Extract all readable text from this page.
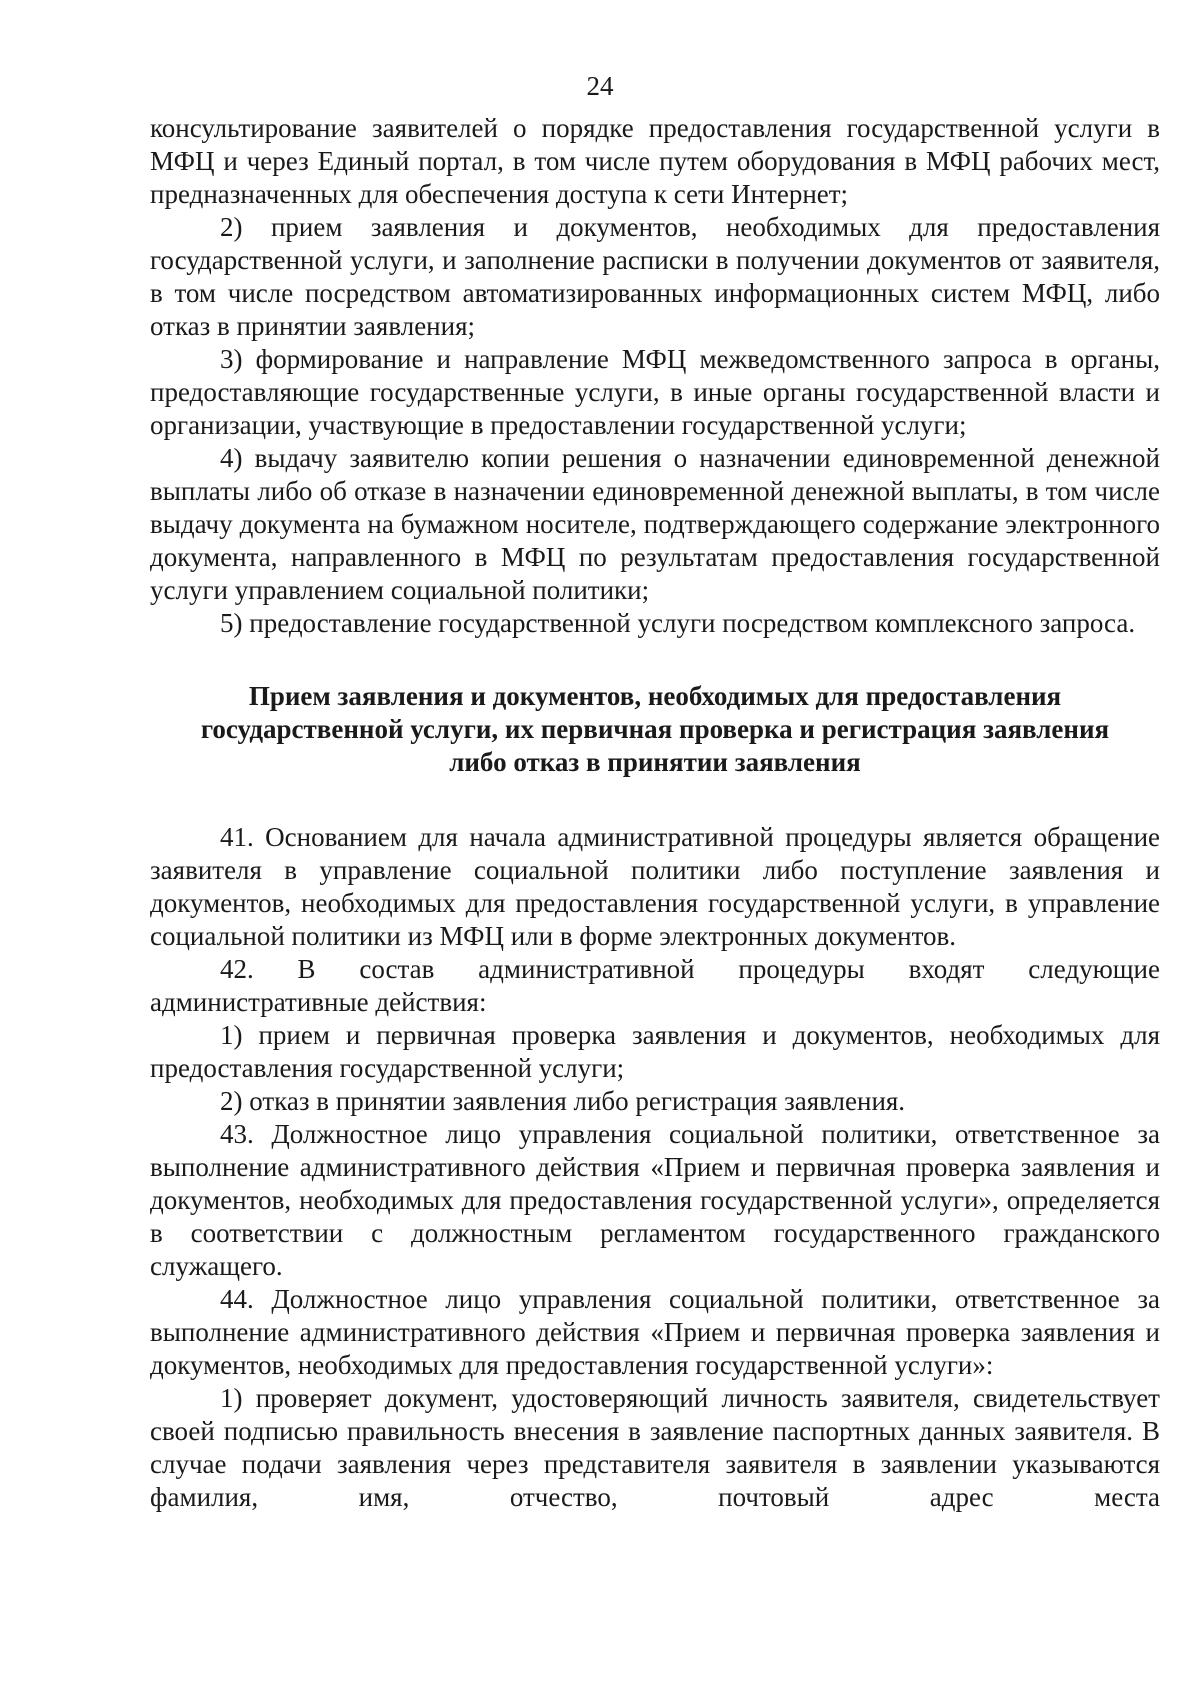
24

консультирование заявителей о порядке предоставления государственной услуги в МФЦ и через Единый портал, в том числе путем оборудования в МФЦ рабочих мест, предназначенных для обеспечения доступа к сети Интернет;

2) прием заявления и документов, необходимых для предоставления государственной услуги, и заполнение расписки в получении документов от заявителя, в том числе посредством автоматизированных информационных систем МФЦ, либо отказ в принятии заявления;

3) формирование и направление МФЦ межведомственного запроса в органы, предоставляющие государственные услуги, в иные органы государственной власти и организации, участвующие в предоставлении государственной услуги;

4) выдачу заявителю копии решения о назначении единовременной денежной выплаты либо об отказе в назначении единовременной денежной выплаты, в том числе выдачу документа на бумажном носителе, подтверждающего содержание электронного документа, направленного в МФЦ по результатам предоставления государственной услуги управлением социальной политики;

5) предоставление государственной услуги посредством комплексного запроса.

Прием заявления и документов, необходимых для предоставления
государственной услуги, их первичная проверка и регистрация заявления
либо отказ в принятии заявления

41. Основанием для начала административной процедуры является обращение заявителя в управление социальной политики либо поступление заявления и документов, необходимых для предоставления государственной услуги, в управление социальной политики из МФЦ или в форме электронных документов.

42. В состав административной процедуры входят следующие административные действия:

1) прием и первичная проверка заявления и документов, необходимых для предоставления государственной услуги;

2) отказ в принятии заявления либо регистрация заявления.

43. Должностное лицо управления социальной политики, ответственное за выполнение административного действия «Прием и первичная проверка заявления и документов, необходимых для предоставления государственной услуги», определяется в соответствии с должностным регламентом государственного гражданского служащего.

44. Должностное лицо управления социальной политики, ответственное за выполнение административного действия «Прием и первичная проверка заявления и документов, необходимых для предоставления государственной услуги»:

1) проверяет документ, удостоверяющий личность заявителя, свидетельствует своей подписью правильность внесения в заявление паспортных данных заявителя. В случае подачи заявления через представителя заявителя в заявлении указываются фамилия, имя, отчество, почтовый адрес места
